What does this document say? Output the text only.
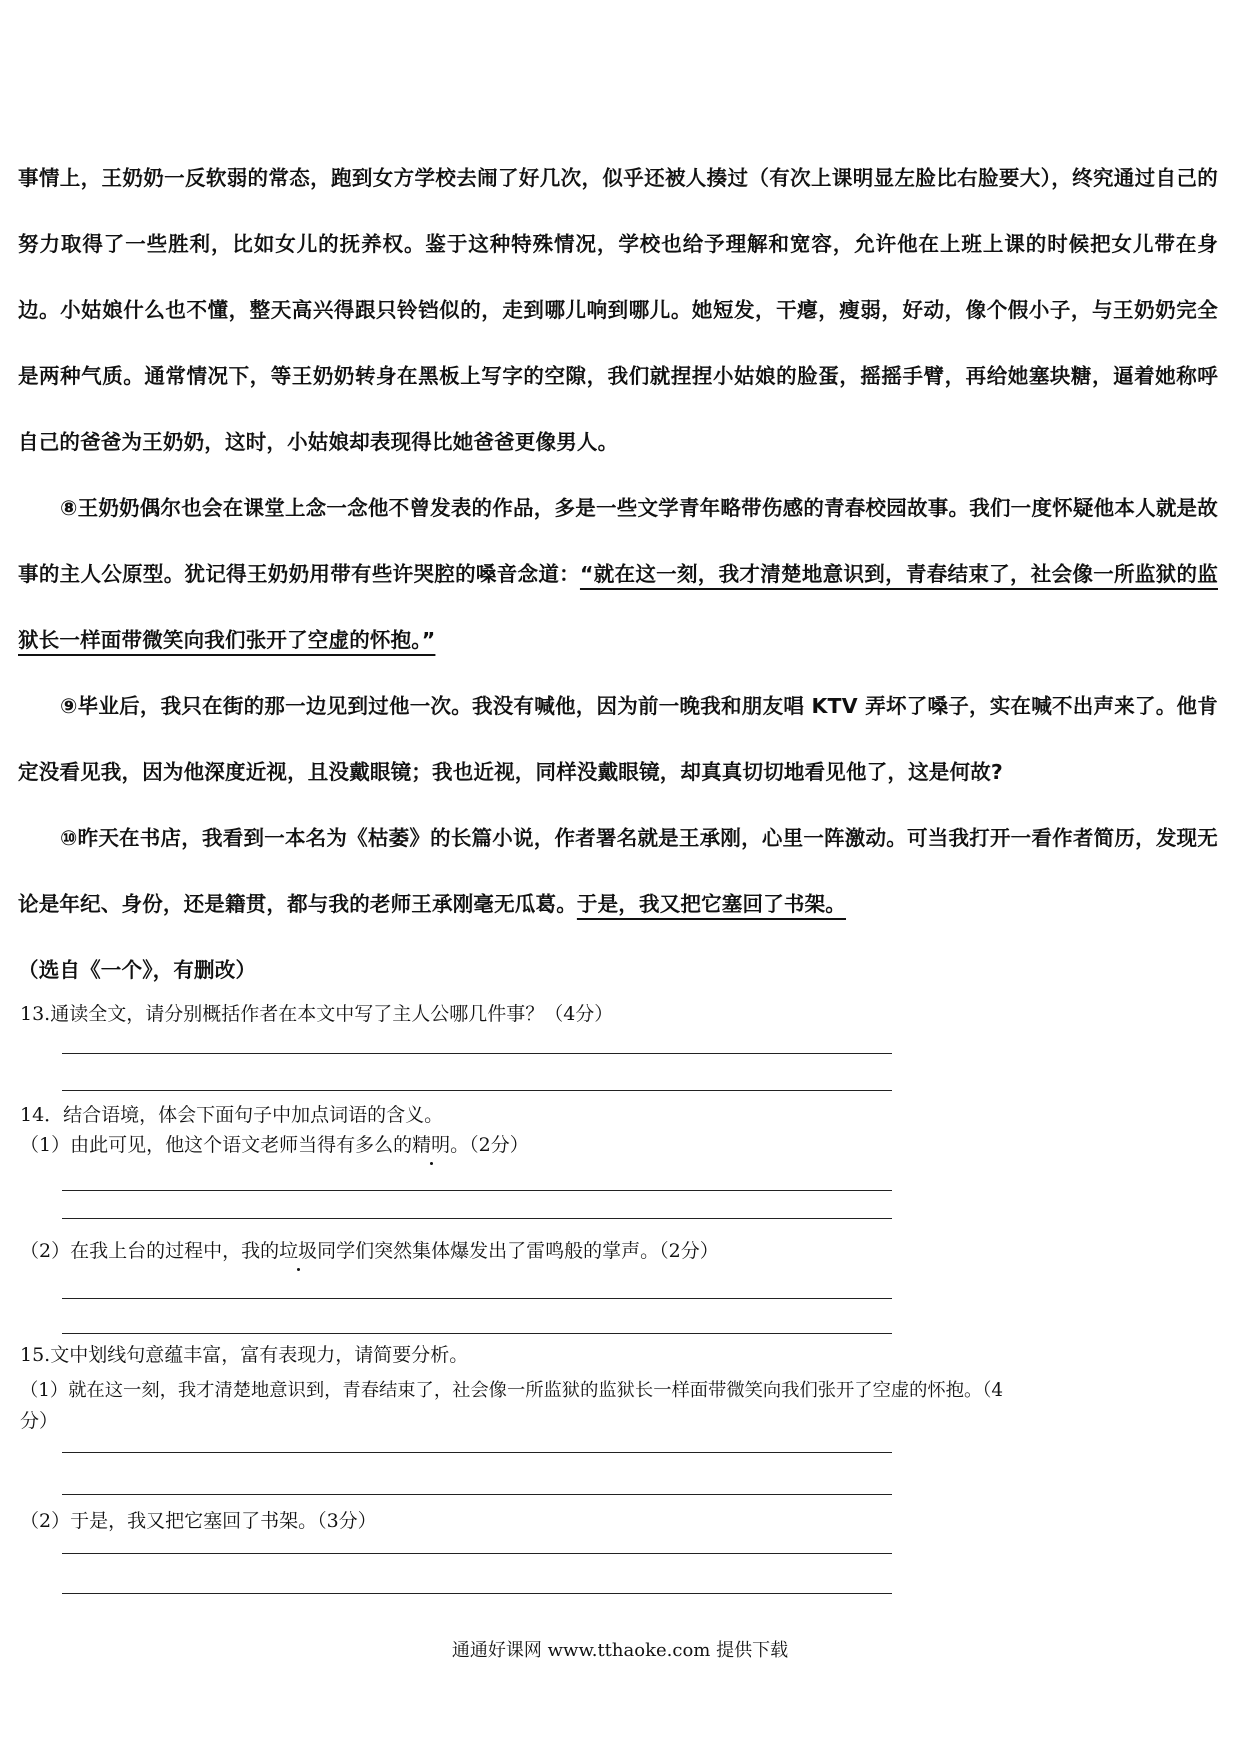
事情上，王奶奶一反软弱的常态，跑到女方学校去闹了好几次，似乎还被人揍过（有次上课明显左脸比右脸要大），终究通过自己的努力取得了一些胜利，比如女儿的抚养权。鉴于这种特殊情况，学校也给予理解和宽容，允许他在上班上课的时候把女儿带在身边。小姑娘什么也不懂，整天高兴得跟只铃铛似的，走到哪儿响到哪儿。她短发，干瘪，瘦弱，好动，像个假小子，与王奶奶完全是两种气质。通常情况下，等王奶奶转身在黑板上写字的空隙，我们就捏捏小姑娘的脸蛋，摇摇手臂，再给她塞块糖，逼着她称呼自己的爸爸为王奶奶，这时，小姑娘却表现得比她爸爸更像男人。

⑧王奶奶偶尔也会在课堂上念一念他不曾发表的作品，多是一些文学青年略带伤感的青春校园故事。我们一度怀疑他本人就是故事的主人公原型。犹记得王奶奶用带有些许哭腔的嗓音念道：“就在这一刻，我才清楚地意识到，青春结束了，社会像一所监狱的监狱长一样面带微笑向我们张开了空虚的怀抱。”

⑨毕业后，我只在街的那一边见到过他一次。我没有喊他，因为前一晚我和朋友唱 KTV 弄坏了嗓子，实在喊不出声来了。他肯定没看见我，因为他深度近视，且没戴眼镜；我也近视，同样没戴眼镜，却真真切切地看见他了，这是何故?

⑩昨天在书店，我看到一本名为《枯萎》的长篇小说，作者署名就是王承刚，心里一阵激动。可当我打开一看作者简历，发现无论是年纪、身份，还是籍贯，都与我的老师王承刚毫无瓜葛。于是，我又把它塞回了书架。

（选自《一个》，有删改）

13.通读全文，请分别概括作者在本文中写了主人公哪几件事？（4分）
14．结合语境，体会下面句子中加点词语的含义。
（1）由此可见，他这个语文老师当得有多么的精明。（2分）
（2）在我上台的过程中，我的垃圾同学们突然集体爆发出了雷鸣般的掌声。（2分）
15.文中划线句意蕴丰富，富有表现力，请简要分析。
（1）就在这一刻，我才清楚地意识到，青春结束了，社会像一所监狱的监狱长一样面带微笑向我们张开了空虚的怀抱。（4
分）
（2）于是，我又把它塞回了书架。（3分）
通通好课网 www.tthaoke.com 提供下载
